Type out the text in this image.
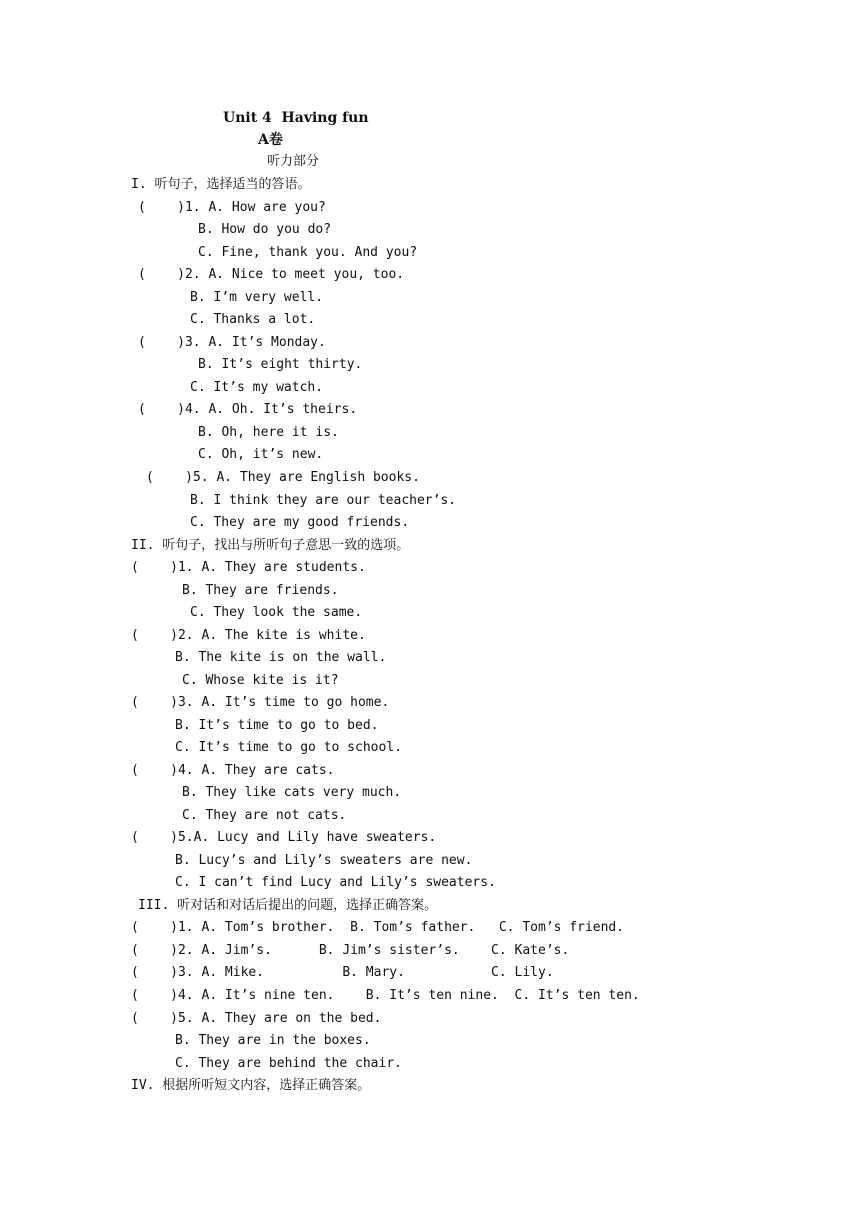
Unit 4  Having fun
A卷
听力部分
I. 听句子，选择适当的答语。
(    )1. A. How are you?
B. How do you do?
C. Fine, thank you. And you?
(    )2. A. Nice to meet you, too.
B. I’m very well.
C. Thanks a lot.
(    )3. A. It’s Monday.
B. It’s eight thirty.
C. It’s my watch.
(    )4. A. Oh. It’s theirs.
B. Oh, here it is.
C. Oh, it’s new.
(    )5. A. They are English books.
B. I think they are our teacher’s.
C. They are my good friends.
II. 听句子，找出与所听句子意思一致的选项。
(    )1. A. They are students.
B. They are friends.
C. They look the same.
(    )2. A. The kite is white.
B. The kite is on the wall.
C. Whose kite is it?
(    )3. A. It’s time to go home.
B. It’s time to go to bed.
C. It’s time to go to school.
(    )4. A. They are cats.
B. They like cats very much.
C. They are not cats.
(    )5.A. Lucy and Lily have sweaters.
B. Lucy’s and Lily’s sweaters are new.
C. I can’t find Lucy and Lily’s sweaters.
III. 听对话和对话后提出的问题，选择正确答案。
(    )1. A. Tom’s brother.  B. Tom’s father.   C. Tom’s friend.
(    )2. A. Jim’s.      B. Jim’s sister’s.    C. Kate’s.
(    )3. A. Mike.          B. Mary.           C. Lily.
(    )4. A. It’s nine ten.    B. It’s ten nine.  C. It’s ten ten.
(    )5. A. They are on the bed.
B. They are in the boxes.
C. They are behind the chair.
IV. 根据所听短文内容，选择正确答案。
